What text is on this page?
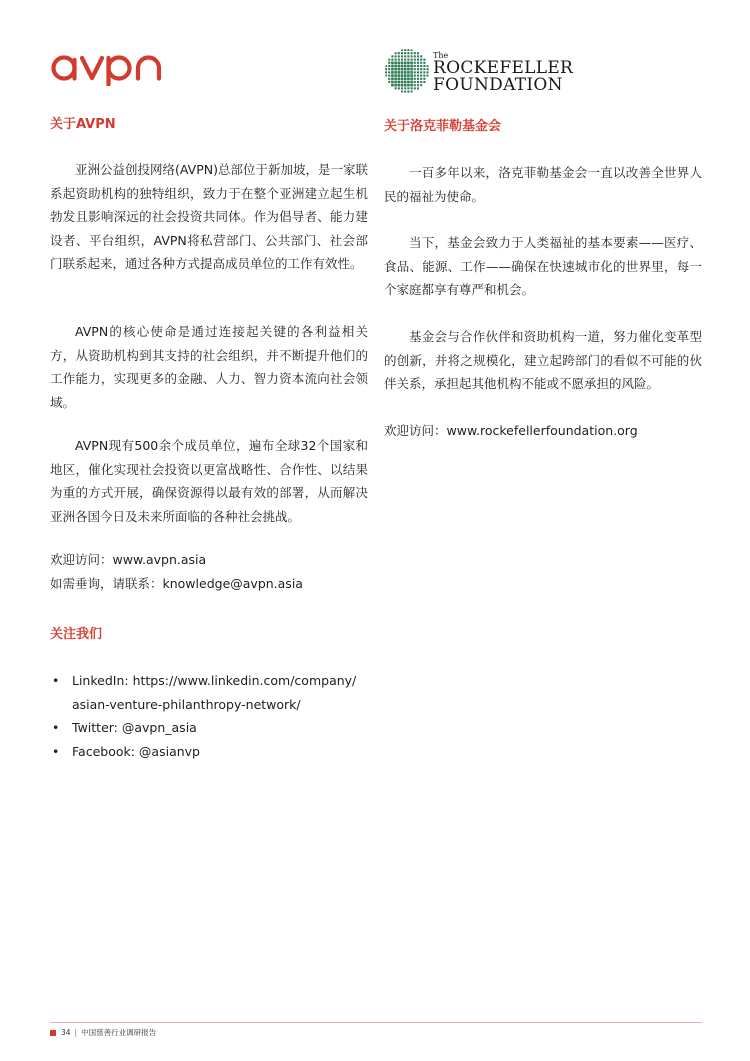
The
ROCKEFELLER
FOUNDATION
关于AVPN

亚洲公益创投网络(AVPN)总部位于新加坡，是一家联系起资助机构的独特组织，致力于在整个亚洲建立起生机勃发且影响深远的社会投资共同体。作为倡导者、能力建设者、平台组织，AVPN将私营部门、公共部门、社会部门联系起来，通过各种方式提高成员单位的工作有效性。

AVPN的核心使命是通过连接起关键的各利益相关方，从资助机构到其支持的社会组织，并不断提升他们的工作能力，实现更多的金融、人力、智力资本流向社会领域。

AVPN现有500余个成员单位，遍布全球32个国家和地区，催化实现社会投资以更富战略性、合作性、以结果为重的方式开展，确保资源得以最有效的部署，从而解决亚洲各国今日及未来所面临的各种社会挑战。

欢迎访问：www.avpn.asia

如需垂询，请联系：knowledge@avpn.asia

关注我们
• LinkedIn: https://www.linkedin.com/company/
asian-venture-philanthropy-network/
• Twitter: @avpn_asia
• Facebook: @asianvp
关于洛克菲勒基金会

一百多年以来，洛克菲勒基金会一直以改善全世界人民的福祉为使命。

当下，基金会致力于人类福祉的基本要素——医疗、食品、能源、工作——确保在快速城市化的世界里，每一个家庭都享有尊严和机会。

基金会与合作伙伴和资助机构一道，努力催化变革型的创新，并将之规模化，建立起跨部门的看似不可能的伙伴关系，承担起其他机构不能或不愿承担的风险。

欢迎访问：www.rockefellerfoundation.org

34 | 中国慈善行业调研报告
